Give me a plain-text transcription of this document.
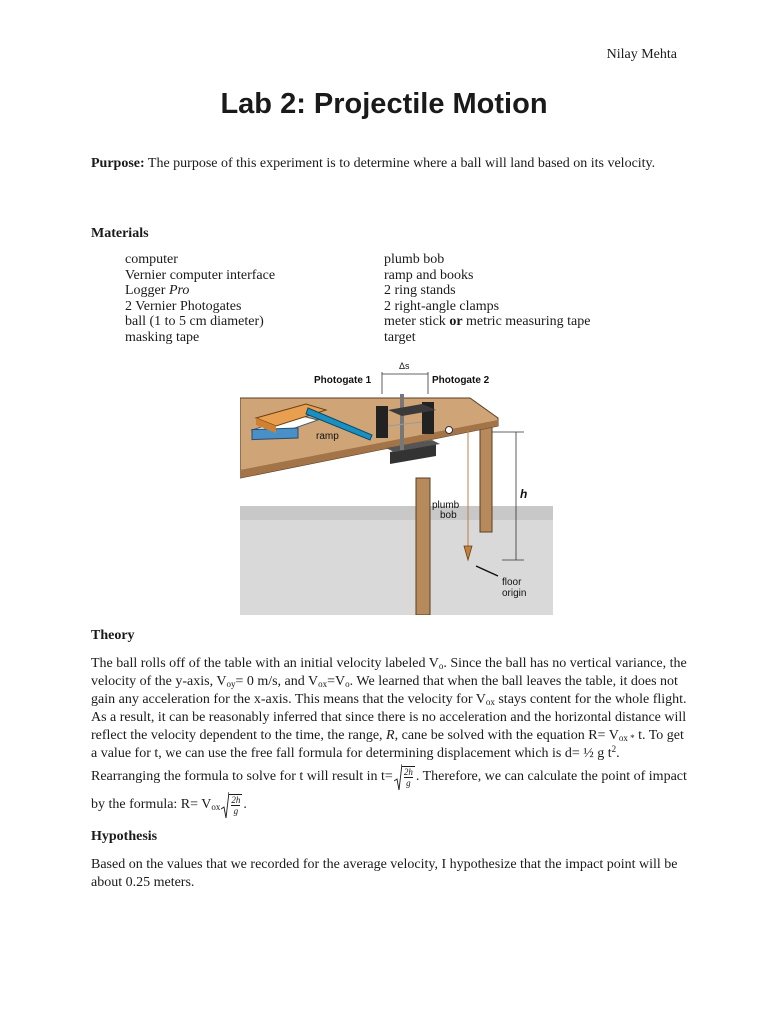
Nilay Mehta
Lab 2: Projectile Motion
Purpose: The purpose of this experiment is to determine where a ball will land based on its velocity.
Materials
computer
Vernier computer interface
Logger Pro
2 Vernier Photogates
ball (1 to 5 cm diameter)
masking tape
plumb bob
ramp and books
2 ring stands
2 right-angle clamps
meter stick or metric measuring tape
target
ramp
Δs
Photogate 1	Photogate 2
h
plumb
bob
floor
origin
Theory
The ball rolls off of the table with an initial velocity labeled $V_o$. Since the ball has no vertical variance, the velocity of the y-axis, $V_{oy}= 0$ m/s, and $V_{ox}=V_o$. We learned that when the ball leaves the table, it does not gain any acceleration for the x-axis. This means that the velocity for $V_{ox}$ stays content for the whole flight. As a result, it can be reasonably inferred that since there is no acceleration and the horizontal distance will reflect the velocity dependent to the time, the range, R, cane be solved with the equation $R= V_{ox *}$ t. To get a value for t, we can use the free fall formula for determining displacement which is d= ½ g $t^2$. Rearranging the formula to solve for t will result in $t= \frac{2h}{g}$. Therefore, we can calculate the point of impact by the formula: $R= V_{ox} \frac{2h}{g}$.
Hypothesis
Based on the values that we recorded for the average velocity, I hypothesize that the impact point will be about 0.25 meters.
